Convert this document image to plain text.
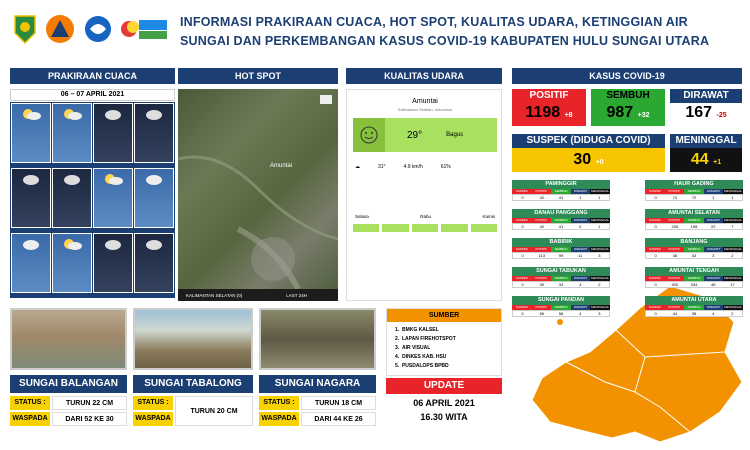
INFORMASI PRAKIRAAN CUACA, HOT SPOT, KUALITAS UDARA, KETINGGIAN AIR
SUNGAI DAN PERKEMBANGAN KASUS COVID-19 KABUPATEN HULU SUNGAI UTARA
PRAKIRAAN CUACA
06 – 07 APRIL 2021
HOT SPOT
Amuntai
KALIMANTAN SELATAN (0)	LAST 24H
KUALITAS UDARA
Amuntai
Kalimantan Selatan, Indonesia
29°	Bagus
☁	31°	4.9 km/h	61%
Selasa	Rabu	Kamis
KASUS COVID-19
POSITIF
1198 +8
SEMBUH
987 +32
DIRAWAT
167 -25
SUSPEK (DIDUGA COVID)
30 +0
MENINGGAL
44 +1
PAMINGGIR
SUSPEK	POSITIF	SEMBUH	DIRAWAT	MENINGGAL
0	42	41	1	1
DANAU PANGGANG
SUSPEK	POSITIF	SEMBUH	DIRAWAT	MENINGGAL
0	42	41	0	1
BABIRIK
SUSPEK	POSITIF	SEMBUH	DIRAWAT	MENINGGAL
0	113	99	11	3
SUNGAI TABUKAN
SUSPEK	POSITIF	SEMBUH	DIRAWAT	MENINGGAL
0	39	34	3	2
SUNGAI PANDAN
SUSPEK	POSITIF	SEMBUH	DIRAWAT	MENINGGAL
0	65	58	4	3
HAUR GADING
SUSPEK	POSITIF	SEMBUH	DIRAWAT	MENINGGAL
0	74	72	1	1
AMUNTAI SELATAN
SUSPEK	POSITIF	SEMBUH	DIRAWAT	MENINGGAL
0	230	198	22	7
BANJANG
SUSPEK	POSITIF	SEMBUH	DIRAWAT	MENINGGAL
0	48	43	3	2
AMUNTAI TENGAH
SUSPEK	POSITIF	SEMBUH	DIRAWAT	MENINGGAL
0	400	334	48	17
AMUNTAI UTARA
SUSPEK	POSITIF	SEMBUH	DIRAWAT	MENINGGAL
0	44	38	4	2
SUNGAI BALANGAN	SUNGAI TABALONG	SUNGAI NAGARA
STATUS :	TURUN 22 CM
WASPADA	DARI 52 KE 30
STATUS :
TURUN 20 CM
WASPADA
STATUS :	TURUN 18 CM
WASPADA	DARI 44 KE 26
SUMBER
1.  BMKG KALSEL
2.  LAPAN FIREHOTSPOT
3.  AIR VISUAL
4.  DINKES KAB. HSU
5.  PUSDALOPS BPBD
UPDATE
06 APRIL 2021
16.30 WITA
